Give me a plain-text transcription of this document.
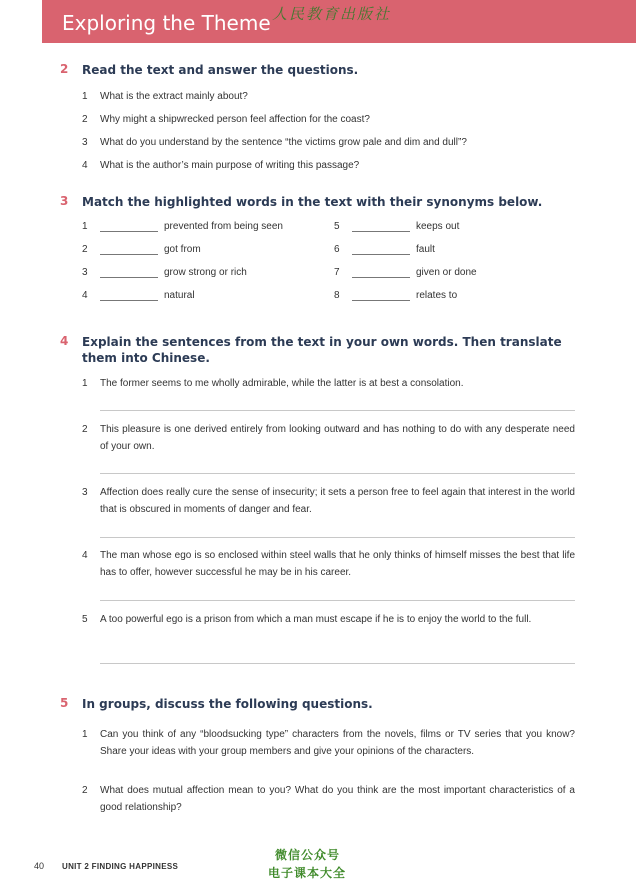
Exploring the Theme 人民教育出版社
2 Read the text and answer the questions.
1 What is the extract mainly about?
2 Why might a shipwrecked person feel affection for the coast?
3 What do you understand by the sentence “the victims grow pale and dim and dull”?
4 What is the author’s main purpose of writing this passage?
3 Match the highlighted words in the text with their synonyms below.
1	prevented from being seen
2	got from
3	grow strong or rich
4	natural
5	keeps out
6	fault
7	given or done
8	relates to
4 Explain the sentences from the text in your own words. Then translate them into Chinese.
1 The former seems to me wholly admirable, while the latter is at best a consolation.
2 This pleasure is one derived entirely from looking outward and has nothing to do with any desperate need of your own.
3 Affection does really cure the sense of insecurity; it sets a person free to feel again that interest in the world that is obscured in moments of danger and fear.
4 The man whose ego is so enclosed within steel walls that he only thinks of himself misses the best that life has to offer, however successful he may be in his career.
5 A too powerful ego is a prison from which a man must escape if he is to enjoy the world to the full.
5 In groups, discuss the following questions.
1 Can you think of any “bloodsucking type” characters from the novels, films or TV series that you know? Share your ideas with your group members and give your opinions of the characters.
2 What does mutual affection mean to you? What do you think are the most important characteristics of a good relationship?
40 UNIT 2 FINDING HAPPINESS
微信公众号
电子课本大全
